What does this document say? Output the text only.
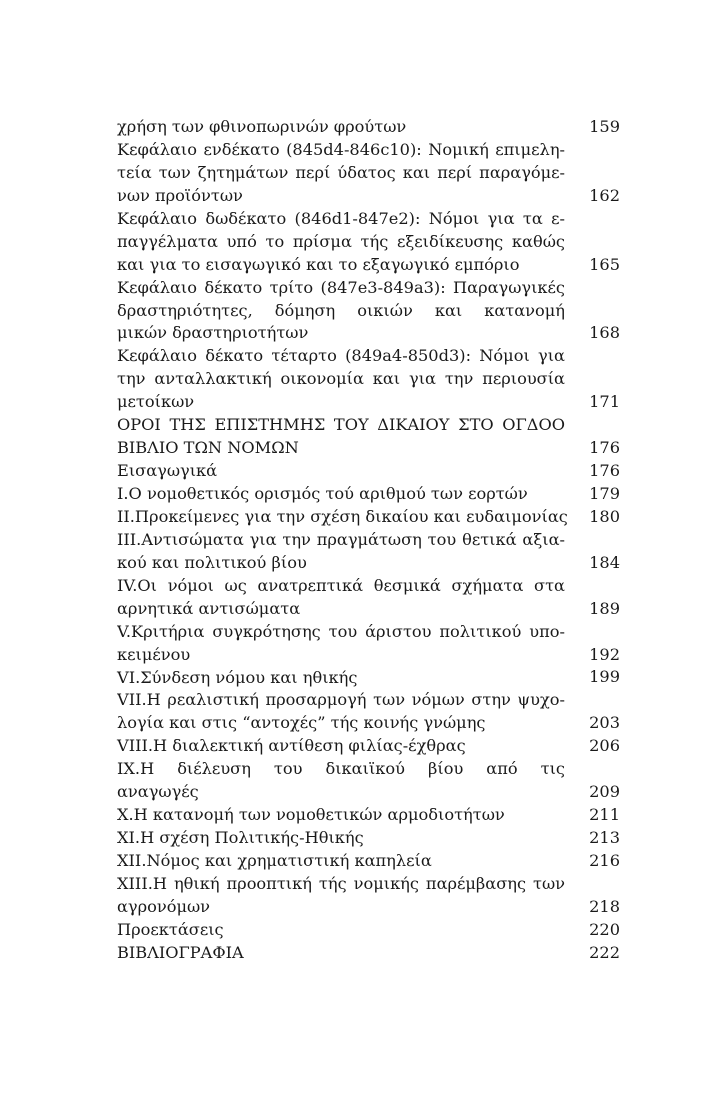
χρήση των φθινοπωρινών φρούτων	159
Κεφάλαιο ενδέκατο (845d4-846c10): Νομική επιμελη-
τεία των ζητημάτων περί ύδατος και περί παραγόμε-
νων προϊόντων	162
Κεφάλαιο δωδέκατο (846d1-847e2): Νόμοι για τα ε-
παγγέλματα υπό το πρίσμα τής εξειδίκευσης καθώς
και για το εισαγωγικό και το εξαγωγικό εμπόριο	165
Κεφάλαιο δέκατο τρίτο (847e3-849a3): Παραγωγικές
δραστηριότητες, δόμηση οικιών και κατανομή
μικών δραστηριοτήτων	168
Κεφάλαιο δέκατο τέταρτο (849a4-850d3): Νόμοι για
την ανταλλακτική οικονομία και για την περιουσία
μετοίκων	171
ΟΡΟΙ ΤΗΣ ΕΠΙΣΤΗΜΗΣ ΤΟΥ ΔΙΚΑΙΟΥ ΣΤΟ ΟΓΔΟΟ
ΒΙΒΛΙΟ ΤΩΝ ΝΟΜΩΝ	176
Εισαγωγικά	176
I.Ο νομοθετικός ορισμός τού αριθμού των εορτών	179
II.Προκείμενες για την σχέση δικαίου και ευδαιμονίας 180
III.Αντισώματα για την πραγμάτωση του θετικά αξια-
κού και πολιτικού βίου	184
IV.Οι νόμοι ως ανατρεπτικά θεσμικά σχήματα στα
αρνητικά αντισώματα	189
V.Κριτήρια συγκρότησης του άριστου πολιτικού υπο-
κειμένου	192
VI.Σύνδεση νόμου και ηθικής	199
VII.Η ρεαλιστική προσαρμογή των νόμων στην ψυχο-
λογία και στις “αντοχές” τής κοινής γνώμης	203
VIII.Η διαλεκτική αντίθεση φιλίας-έχθρας	206
IX.Η διέλευση του δικαιϊκού βίου από τις
αναγωγές	209
X.Η κατανομή των νομοθετικών αρμοδιοτήτων	211
XI.Η σχέση Πολιτικής-Ηθικής	213
XII.Νόμος και χρηματιστική καπηλεία	216
XIII.Η ηθική προοπτική τής νομικής παρέμβασης των
αγρονόμων	218
Προεκτάσεις	220
ΒΙΒΛΙΟΓΡΑΦΙΑ	222
